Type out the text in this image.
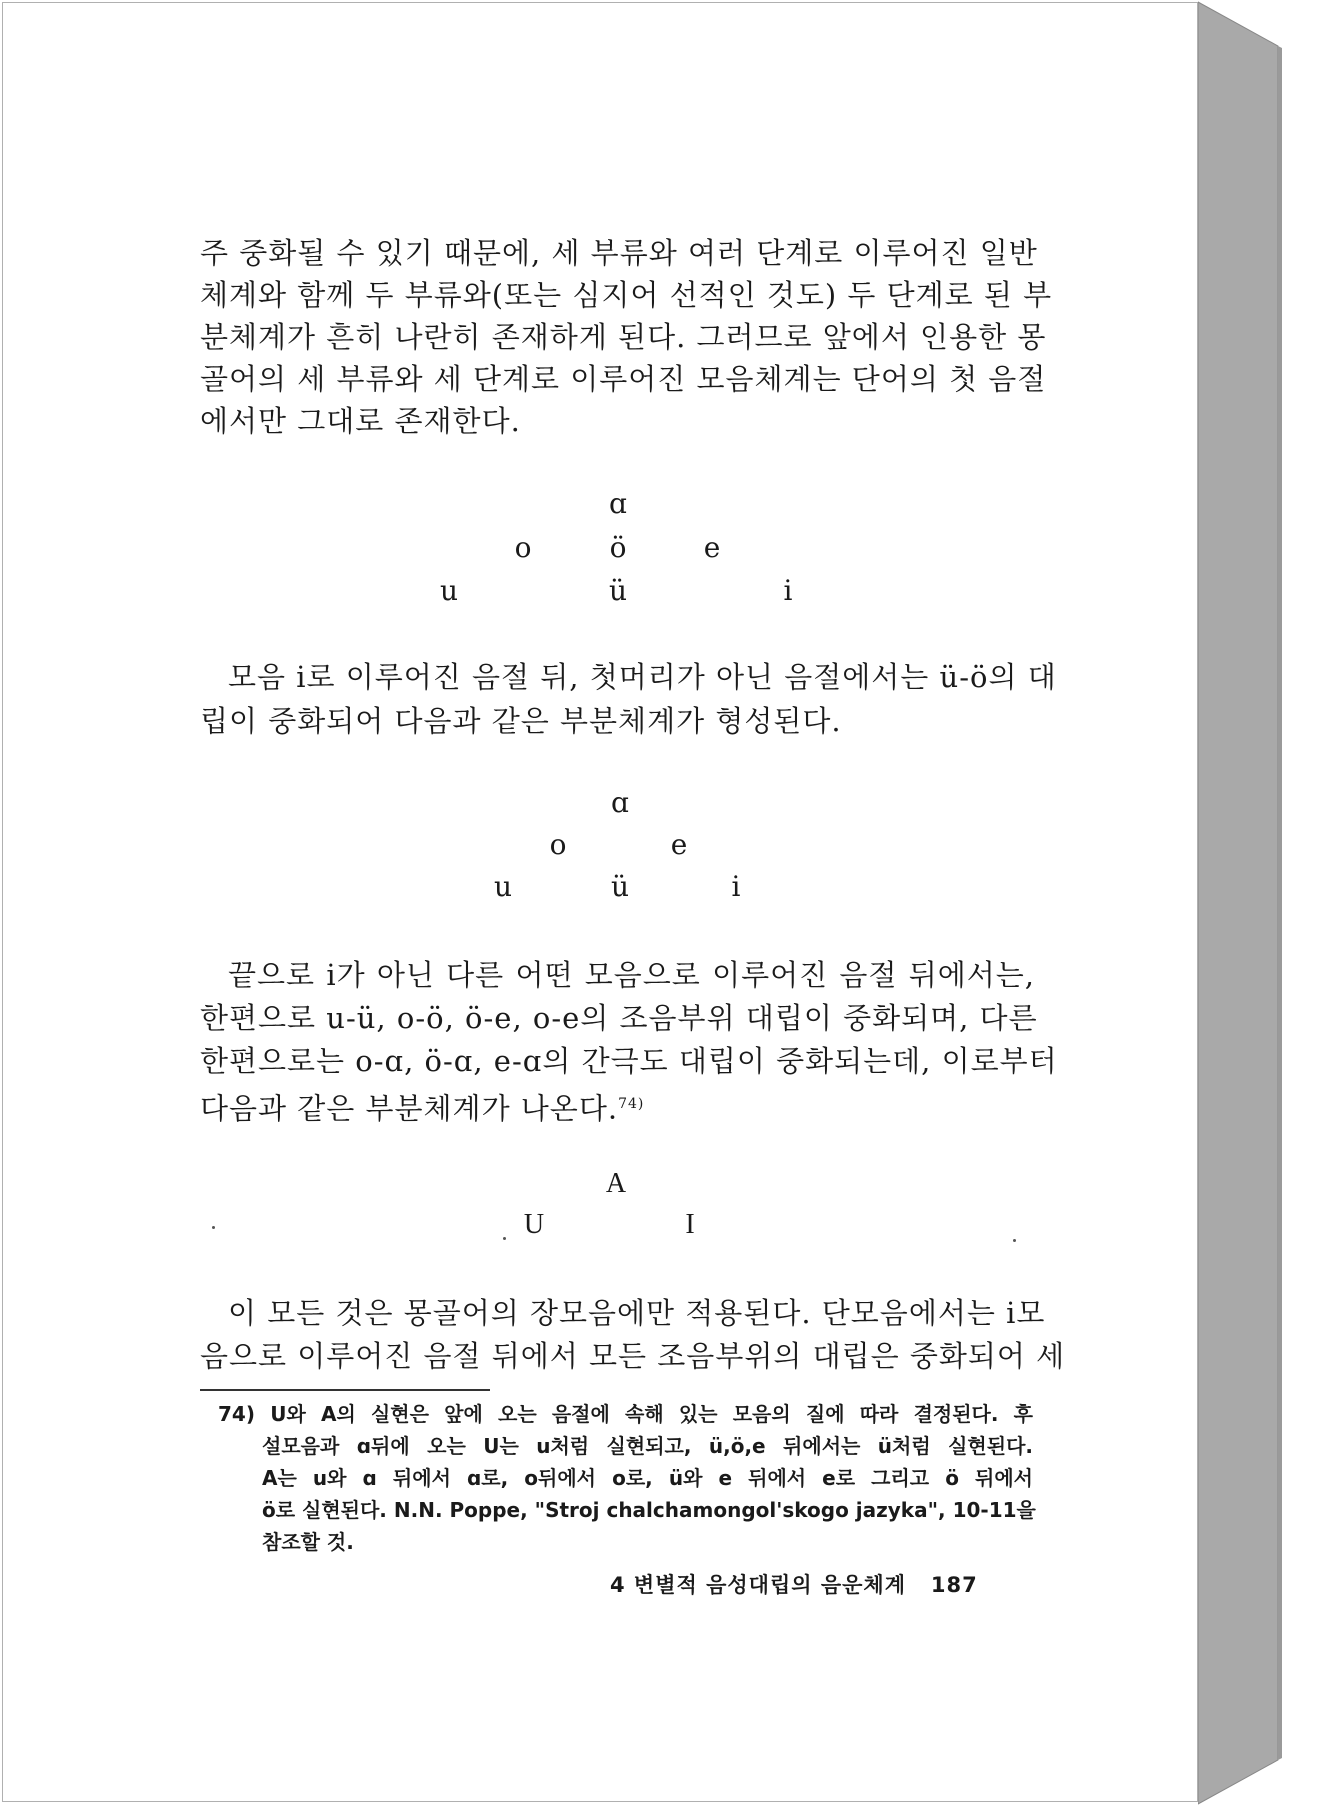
주 중화될 수 있기 때문에, 세 부류와 여러 단계로 이루어진 일반
체계와 함께 두 부류와(또는 심지어 선적인 것도) 두 단계로 된 부
분체계가 흔히 나란히 존재하게 된다. 그러므로 앞에서 인용한 몽
골어의 세 부류와 세 단계로 이루어진 모음체계는 단어의 첫 음절
에서만 그대로 존재한다.
ɑ
o	ö	e
u	ü	i
모음 i로 이루어진 음절 뒤, 첫머리가 아닌 음절에서는 ü-ö의 대
립이 중화되어 다음과 같은 부분체계가 형성된다.
ɑ
o	e
u	ü	i
끝으로 i가 아닌 다른 어떤 모음으로 이루어진 음절 뒤에서는,
한편으로 u-ü, o-ö, ö-e, o-e의 조음부위 대립이 중화되며, 다른
한편으로는 o-ɑ, ö-ɑ, e-ɑ의 간극도 대립이 중화되는데, 이로부터
다음과 같은 부분체계가 나온다.$^{74)}$
A
U	I
이 모든 것은 몽골어의 장모음에만 적용된다. 단모음에서는 i모
음으로 이루어진 음절 뒤에서 모든 조음부위의 대립은 중화되어 세
74) U와 A의 실현은 앞에 오는 음절에 속해 있는 모음의 질에 따라 결정된다. 후
설모음과 ɑ뒤에 오는 U는 u처럼 실현되고, ü,ö,e 뒤에서는 ü처럼 실현된다.
A는 u와 ɑ 뒤에서 ɑ로, o뒤에서 o로, ü와 e 뒤에서 e로 그리고 ö 뒤에서
ö로 실현된다. N.N. Poppe, "Stroj chalchamongol'skogo jazyka", 10-11을
참조할 것.
4 변별적 음성대립의 음운체계 187
